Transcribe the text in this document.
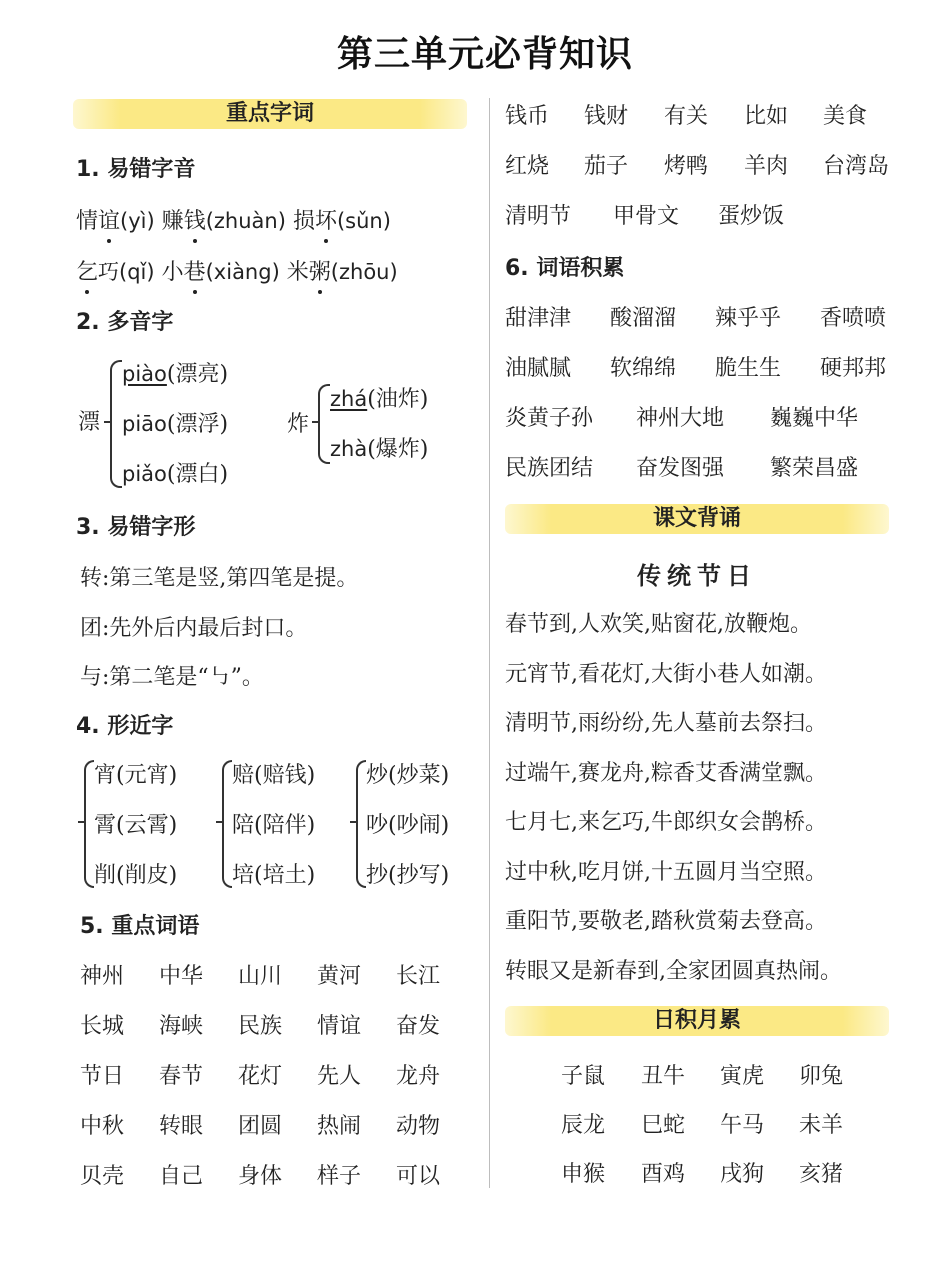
第三单元必背知识
重点字词
1. 易错字音
情谊(yì) 赚钱(zhuàn) 损坏(sǔn)
乞巧(qǐ) 小巷(xiàng) 米粥(zhōu)
2. 多音字
漂
piào(漂亮)
piāo(漂浮)
piǎo(漂白)
炸
zhá(油炸)
zhà(爆炸)
3. 易错字形
转:第三笔是竖,第四笔是提。
团:先外后内最后封口。
与:第二笔是“㇉”。
4. 形近字
宵(元宵)
霄(云霄)
削(削皮)
赔(赔钱)
陪(陪伴)
培(培土)
炒(炒菜)
吵(吵闹)
抄(抄写)
5. 重点词语
神州 中华 山川 黄河 长江
长城 海峡 民族 情谊 奋发
节日 春节 花灯 先人 龙舟
中秋 转眼 团圆 热闹 动物
贝壳 自己 身体 样子 可以
钱币 钱财 有关 比如 美食
红烧 茄子 烤鸭 羊肉 台湾岛
清明节 甲骨文 蛋炒饭
6. 词语积累
甜津津 酸溜溜 辣乎乎 香喷喷
油腻腻 软绵绵 脆生生 硬邦邦
炎黄子孙 神州大地 巍巍中华
民族团结 奋发图强 繁荣昌盛
课文背诵
传统节日
春节到,人欢笑,贴窗花,放鞭炮。
元宵节,看花灯,大街小巷人如潮。
清明节,雨纷纷,先人墓前去祭扫。
过端午,赛龙舟,粽香艾香满堂飘。
七月七,来乞巧,牛郎织女会鹊桥。
过中秋,吃月饼,十五圆月当空照。
重阳节,要敬老,踏秋赏菊去登高。
转眼又是新春到,全家团圆真热闹。
日积月累
子鼠 丑牛 寅虎 卯兔
辰龙 巳蛇 午马 未羊
申猴 酉鸡 戌狗 亥猪
